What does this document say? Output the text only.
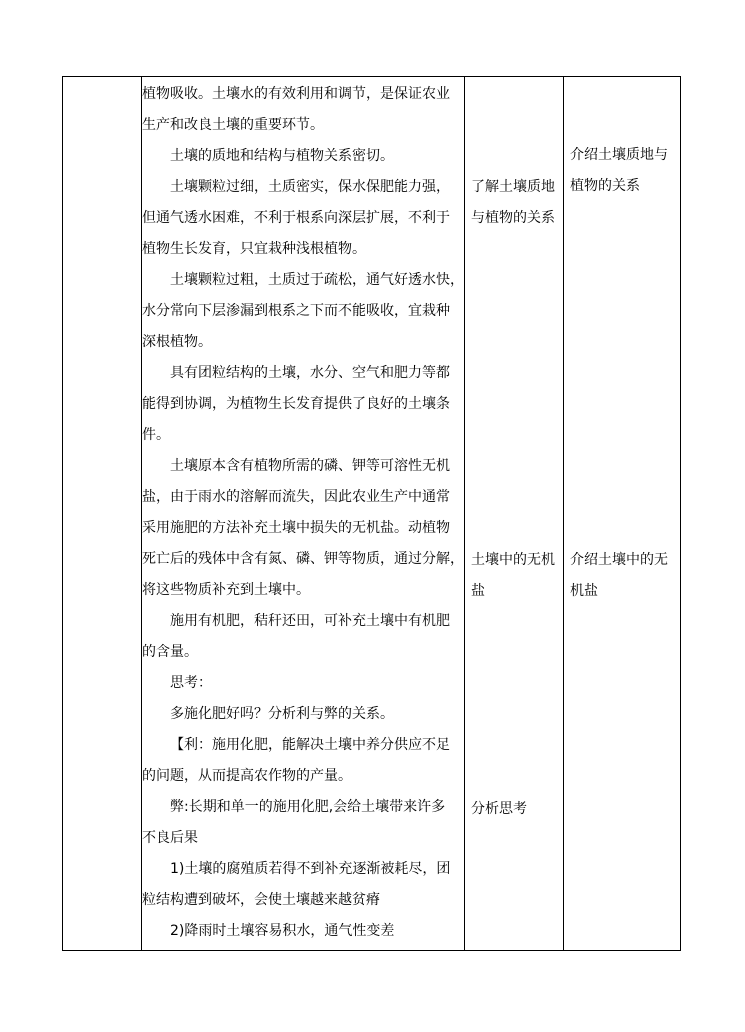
植物吸收。土壤水的有效利用和调节，是保证农业

生产和改良土壤的重要环节。

土壤的质地和结构与植物关系密切。

土壤颗粒过细，土质密实，保水保肥能力强，

但通气透水困难，不利于根系向深层扩展，不利于

植物生长发育，只宜栽种浅根植物。

土壤颗粒过粗，土质过于疏松，通气好透水快，

水分常向下层渗漏到根系之下而不能吸收，宜栽种

深根植物。

具有团粒结构的土壤，水分、空气和肥力等都

能得到协调，为植物生长发育提供了良好的土壤条

件。

土壤原本含有植物所需的磷、钾等可溶性无机

盐，由于雨水的溶解而流失，因此农业生产中通常

采用施肥的方法补充土壤中损失的无机盐。动植物

死亡后的残体中含有氮、磷、钾等物质，通过分解，

将这些物质补充到土壤中。

施用有机肥，秸秆还田，可补充土壤中有机肥

的含量。

思考：

多施化肥好吗？分析利与弊的关系。

【利：施用化肥，能解决土壤中养分供应不足

的问题，从而提高农作物的产量。

弊:长期和单一的施用化肥,会给土壤带来许多

不良后果

1)土壤的腐殖质若得不到补充逐渐被耗尽，团

粒结构遭到破坏，会使土壤越来越贫瘠

2)降雨时土壤容易积水，通气性变差

了解土壤质地

与植物的关系

土壤中的无机

盐

分析思考

介绍土壤质地与

植物的关系

介绍土壤中的无

机盐
